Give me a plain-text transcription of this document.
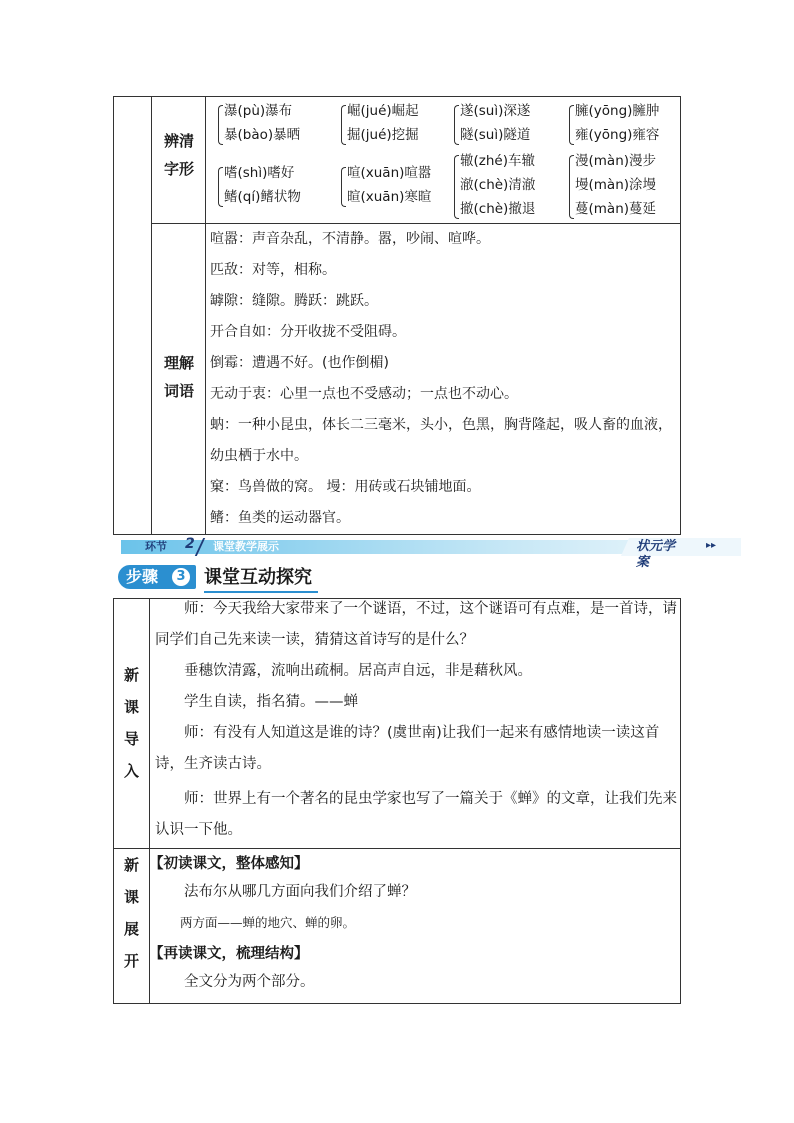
辨清
字形
理解
词语
瀑(pù)瀑布
暴(bào)暴晒
崛(jué)崛起
掘(jué)挖掘
遂(suì)深遂
隧(suì)隧道
臃(yōng)臃肿
雍(yōng)雍容
嗜(shì)嗜好
鳍(qí)鳍状物
喧(xuān)喧嚣
暄(xuān)寒暄
辙(zhé)车辙
澈(chè)清澈
撤(chè)撤退
漫(màn)漫步
墁(màn)涂墁
蔓(màn)蔓延
喧嚣：声音杂乱，不清静。嚣，吵闹、喧哗。
匹敌：对等，相称。
罅隙：缝隙。腾跃：跳跃。
开合自如：分开收拢不受阻碍。
倒霉：遭遇不好。(也作倒楣)
无动于衷：心里一点也不受感动；一点也不动心。
蚋：一种小昆虫，体长二三毫米，头小，色黑，胸背隆起，吸人畜的血液，幼虫栖于水中。
窠：鸟兽做的窝。 墁：用砖或石块铺地面。
鳍：鱼类的运动器官。
环节 2 课堂教学展示	状元学案
▸▸
步骤	3 课堂互动探究
新
课
导
入
新
课
展
开
　　师：今天我给大家带来了一个谜语，不过，这个谜语可有点难，是一首诗，请同学们自己先来读一读，猜猜这首诗写的是什么？
　　垂穗饮清露，流响出疏桐。居高声自远，非是藉秋风。
　　学生自读，指名猜。——蝉
　　师：有没有人知道这是谁的诗？(虞世南)让我们一起来有感情地读一读这首诗，生齐读古诗。
　　师：世界上有一个著名的昆虫学家也写了一篇关于《蝉》的文章，让我们先来认识一下他。
【初读课文，整体感知】
　　法布尔从哪几方面向我们介绍了蝉？
　　两方面——蝉的地穴、蝉的卵。
【再读课文，梳理结构】
　　全文分为两个部分。
